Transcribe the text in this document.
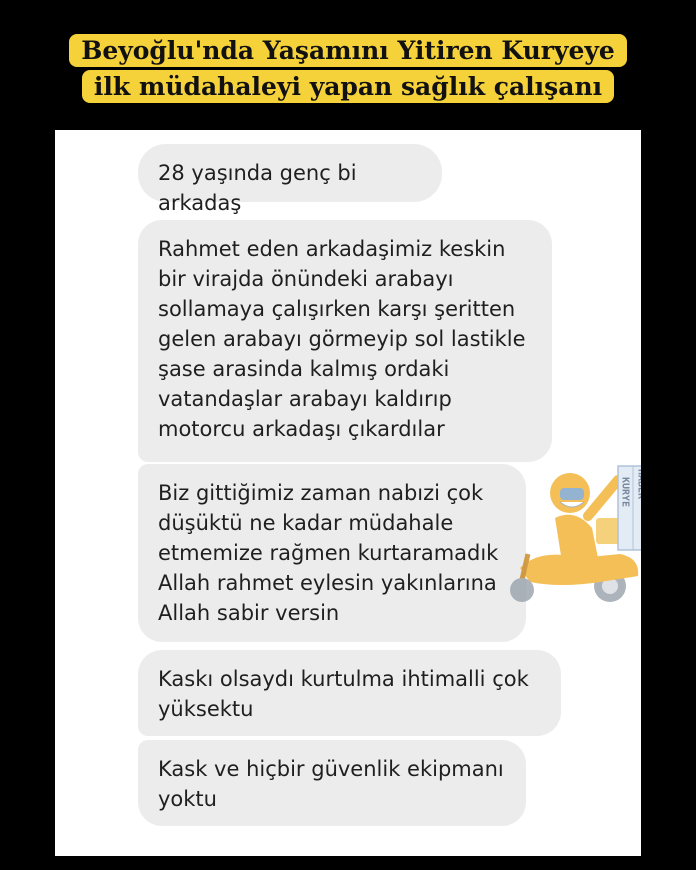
Beyoğlu'nda Yaşamını Yitiren Kuryeye
ilk müdahaleyi yapan sağlık çalışanı
28 yaşında genç bi arkadaş
Rahmet eden arkadaşimiz keskin bir virajda önündeki arabayı sollamaya çalışırken karşı şeritten gelen arabayı görmeyip sol lastikle şase arasinda kalmış ordaki vatandaşlar arabayı kaldırıp motorcu arkadaşı çıkardılar
Biz gittiğimiz zaman nabızi çok düşüktü ne kadar müdahale etmemize rağmen kurtaramadık Allah rahmet eylesin yakınlarına Allah sabir versin
Kaskı olsaydı kurtulma ihtimalli çok yüksektu
Kask ve hiçbir güvenlik ekipmanı yoktu
KURYE HABER
